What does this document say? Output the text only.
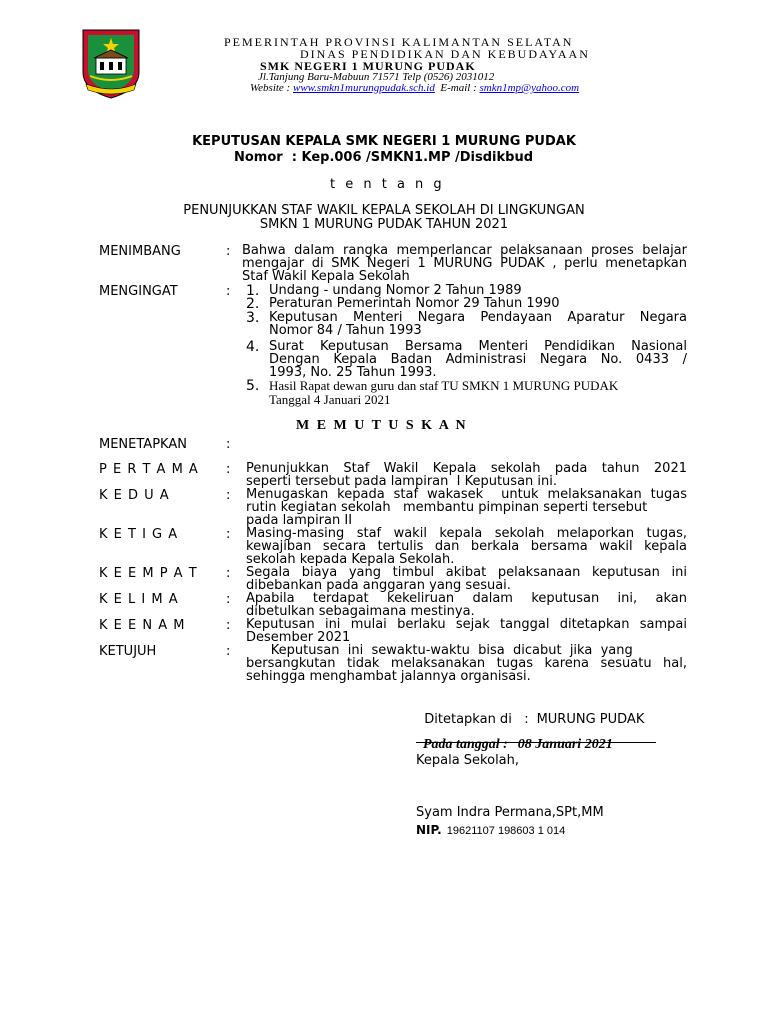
PEMERINTAH PROVINSI KALIMANTAN SELATAN
DINAS PENDIDIKAN DAN KEBUDAYAAN
SMK NEGERI 1 MURUNG PUDAK
Jl.Tanjung Baru-Mabuun 71571 Telp (0526) 2031012
Website : www.smkn1murungpudak.sch.id  E-mail : smkn1mp@yahoo.com
KEPUTUSAN KEPALA SMK NEGERI 1 MURUNG PUDAK
Nomor  : Kep.006 /SMKN1.MP /Disdikbud
t e n t a n g
PENUNJUKKAN STAF WAKIL KEPALA SEKOLAH DI LINGKUNGAN
SMKN 1 MURUNG PUDAK TAHUN 2021
MENIMBANG	: Bahwa dalam rangka memperlancar pelaksanaan proses belajar
mengajar di SMK Negeri 1 MURUNG PUDAK , perlu menetapkan
Staf Wakil Kepala Sekolah
MENGINGAT	: 1. Undang - undang Nomor 2 Tahun 1989
2. Peraturan Pemerintah Nomor 29 Tahun 1990
3. Keputusan Menteri Negara Pendayaan Aparatur Negara
Nomor 84 / Tahun 1993
4. Surat Keputusan Bersama Menteri Pendidikan Nasional
Dengan Kepala Badan Administrasi Negara No. 0433 /
1993, No. 25 Tahun 1993.
5. Hasil Rapat dewan guru dan staf TU SMKN 1 MURUNG PUDAK
Tanggal 4 Januari 2021
M E M U T U S K A N
MENETAPKAN	:
P E R T A M A : Penunjukkan Staf Wakil Kepala sekolah pada tahun 2021
seperti tersebut pada lampiran  I Keputusan ini.
K E D U A	: Menugaskan kepada staf wakasek  untuk melaksanakan tugas
rutin kegiatan sekolah   membantu pimpinan seperti tersebut
pada lampiran II
K E T I G A	: Masing-masing staf wakil kepala sekolah melaporkan tugas,
kewajiban secara tertulis dan berkala bersama wakil kepala
sekolah kepada Kepala Sekolah.
K E E M P A T : Segala biaya yang timbul akibat pelaksanaan keputusan ini
dibebankan pada anggaran yang sesuai.
K E L I M A	: Apabila terdapat kekeliruan dalam keputusan ini, akan
dibetulkan sebagaimana mestinya.
K E E N A M	: Keputusan ini mulai berlaku sejak tanggal ditetapkan sampai
Desember 2021
KETUJUH	: Keputusan  ini  sewaktu-waktu  bisa  dicabut  jika  yang
bersangkutan tidak melaksanakan tugas karena sesuatu hal,
sehingga menghambat jalannya organisasi.

Ditetapkan di   : MURUNG PUDAK

Pada tanggal : 08 Januari 2021

Kepala Sekolah,
Syam Indra Permana,SPt,MM
NIP. 19621107 198603 1 014
